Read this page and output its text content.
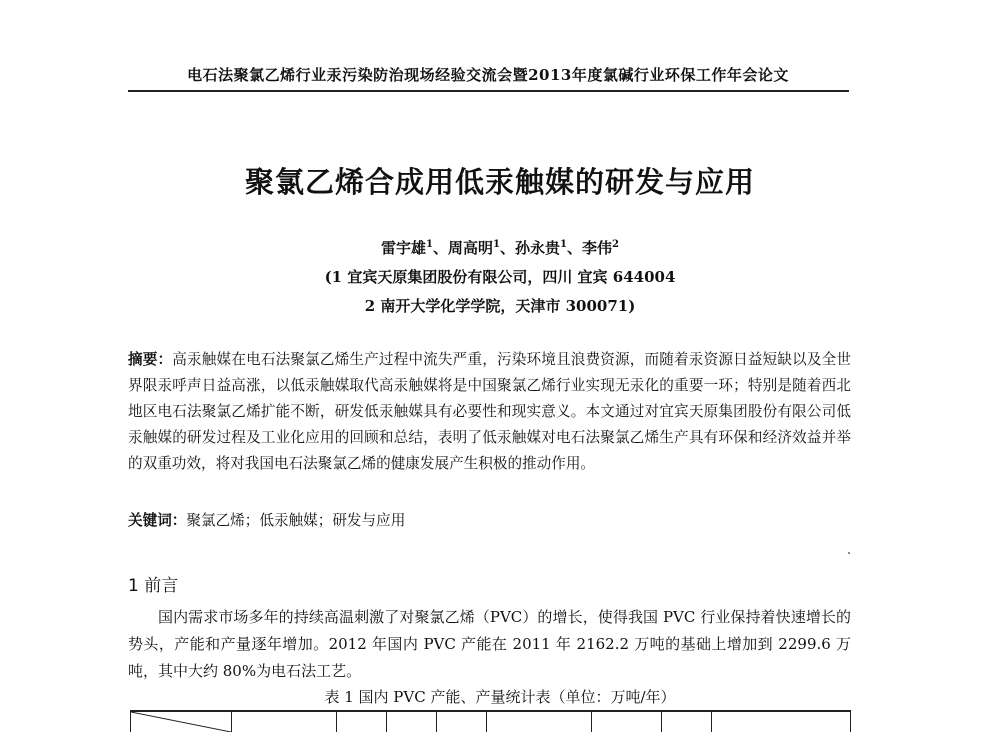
电石法聚氯乙烯行业汞污染防治现场经验交流会暨2013年度氯碱行业环保工作年会论文
聚氯乙烯合成用低汞触媒的研发与应用
雷宇雄$^1$、周高明$^1$、孙永贵$^1$、李伟$^2$
(1 宜宾天原集团股份有限公司，四川 宜宾 644004
2 南开大学化学学院，天津市 300071)
摘要：高汞触媒在电石法聚氯乙烯生产过程中流失严重，污染环境且浪费资源，而随着汞资源日益短缺以及全世界限汞呼声日益高涨，以低汞触媒取代高汞触媒将是中国聚氯乙烯行业实现无汞化的重要一环；特别是随着西北地区电石法聚氯乙烯扩能不断，研发低汞触媒具有必要性和现实意义。本文通过对宜宾天原集团股份有限公司低汞触媒的研发过程及工业化应用的回顾和总结，表明了低汞触媒对电石法聚氯乙烯生产具有环保和经济效益并举的双重功效，将对我国电石法聚氯乙烯的健康发展产生积极的推动作用。
关键词：聚氯乙烯；低汞触媒；研发与应用
1 前言
国内需求市场多年的持续高温刺激了对聚氯乙烯（PVC）的增长，使得我国 PVC 行业保持着快速增长的势头，产能和产量逐年增加。2012 年国内 PVC 产能在 2011 年 2162.2 万吨的基础上增加到 2299.6 万吨，其中大约 80%为电石法工艺。
表 1 国内 PVC 产能、产量统计表（单位：万吨/年）
